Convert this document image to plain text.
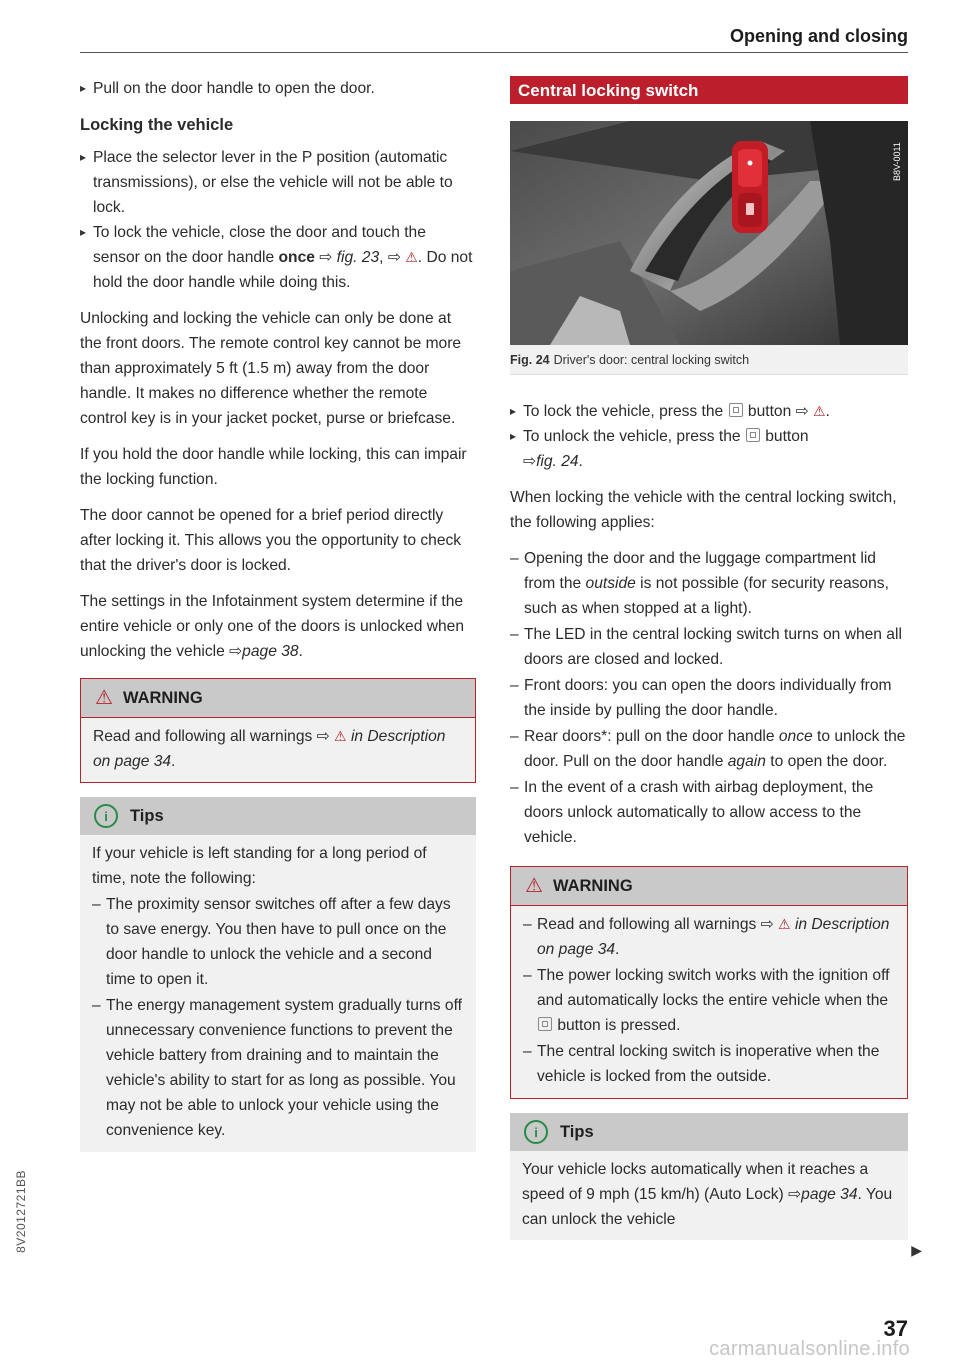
Opening and closing

▸ Pull on the door handle to open the door.

Locking the vehicle

▸ Place the selector lever in the P position (automatic transmissions), or else the vehicle will not be able to lock.

▸ To lock the vehicle, close the door and touch the sensor on the door handle once ⇨ fig. 23, ⇨ ⚠. Do not hold the door handle while doing this.

Unlocking and locking the vehicle can only be done at the front doors. The remote control key cannot be more than approximately 5 ft (1.5 m) away from the door handle. It makes no difference whether the remote control key is in your jacket pocket, purse or briefcase.

If you hold the door handle while locking, this can impair the locking function.

The door cannot be opened for a brief period directly after locking it. This allows you the opportunity to check that the driver's door is locked.

The settings in the Infotainment system determine if the entire vehicle or only one of the doors is unlocked when unlocking the vehicle ⇨page 38.

⚠ WARNING
Read and following all warnings ⇨ ⚠ in Description on page 34.
i	Tips

If your vehicle is left standing for a long period of time, note the following:

– The proximity sensor switches off after a few days to save energy. You then have to pull once on the door handle to unlock the vehicle and a second time to open it.

– The energy management system gradually turns off unnecessary convenience functions to prevent the vehicle battery from draining and to maintain the vehicle's ability to start for as long as possible. You may not be able to unlock your vehicle using the convenience key.

Central locking switch
B8V-0011
Fig. 24 Driver's door: central locking switch

▸ To lock the vehicle, press the  button ⇨ ⚠.

▸ To unlock the vehicle, press the  button
⇨fig. 24.

When locking the vehicle with the central locking switch, the following applies:

– Opening the door and the luggage compartment lid from the outside is not possible (for security reasons, such as when stopped at a light).

– The LED in the central locking switch turns on when all doors are closed and locked.

– Front doors: you can open the doors individually from the inside by pulling the door handle.

– Rear doors*: pull on the door handle once to unlock the door. Pull on the door handle again to open the door.

– In the event of a crash with airbag deployment, the doors unlock automatically to allow access to the vehicle.

⚠ WARNING

– Read and following all warnings ⇨ ⚠ in Description on page 34.

– The power locking switch works with the ignition off and automatically locks the entire vehicle when the  button is pressed.

– The central locking switch is inoperative when the vehicle is locked from the outside.

i	Tips
Your vehicle locks automatically when it reaches a speed of 9 mph (15 km/h) (Auto Lock) ⇨page 34. You can unlock the vehicle
▶
37
8V2012721BB
carmanualsonline.info
